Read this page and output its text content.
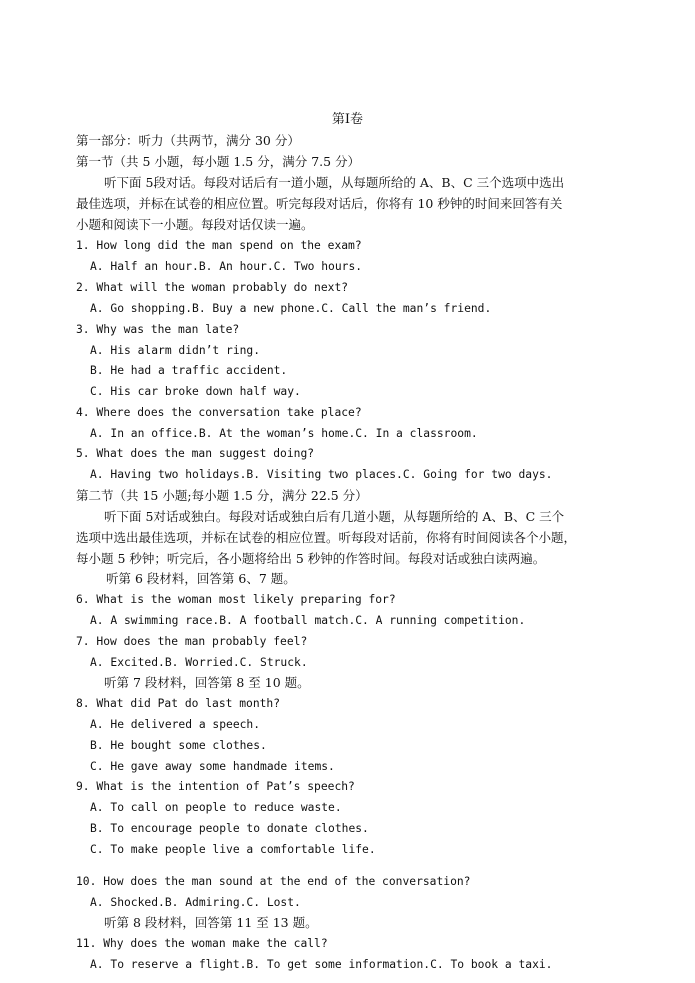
第Ⅰ卷
第一部分：听力（共两节，满分 30 分）
第一节（共 5 小题，每小题 1.5 分，满分 7.5 分）
听下面 5段对话。每段对话后有一道小题，从每题所给的 A、B、C 三个选项中选出
最佳选项，并标在试卷的相应位置。听完每段对话后，你将有 10 秒钟的时间来回答有关
小题和阅读下一小题。每段对话仅读一遍。
1. How long did the man spend on the exam?
A. Half an hour.B. An hour.C. Two hours.
2. What will the woman probably do next?
A. Go shopping.B. Buy a new phone.C. Call the man’s friend.
3. Why was the man late?
A. His alarm didn’t ring.
B. He had a traffic accident.
C. His car broke down half way.
4. Where does the conversation take place?
A. In an office.B. At the woman’s home.C. In a classroom.
5. What does the man suggest doing?
A. Having two holidays.B. Visiting two places.C. Going for two days.
第二节（共 15 小题;每小题 1.5 分，满分 22.5 分）
听下面 5对话或独白。每段对话或独白后有几道小题，从每题所给的 A、B、C 三个
选项中选出最佳选项，并标在试卷的相应位置。听每段对话前，你将有时间阅读各个小题，
每小题 5 秒钟；听完后，各小题将给出 5 秒钟的作答时间。每段对话或独白读两遍。
听第 6 段材料，回答第 6、7 题。
6. What is the woman most likely preparing for?
A. A swimming race.B. A football match.C. A running competition.
7. How does the man probably feel?
A. Excited.B. Worried.C. Struck.
听第 7 段材料，回答第 8 至 10 题。
8. What did Pat do last month?
A. He delivered a speech.
B. He bought some clothes.
C. He gave away some handmade items.
9. What is the intention of Pat’s speech?
A. To call on people to reduce waste.
B. To encourage people to donate clothes.
C. To make people live a comfortable life.
10. How does the man sound at the end of the conversation?
A. Shocked.B. Admiring.C. Lost.
听第 8 段材料，回答第 11 至 13 题。
11. Why does the woman make the call?
A. To reserve a flight.B. To get some information.C. To book a taxi.
